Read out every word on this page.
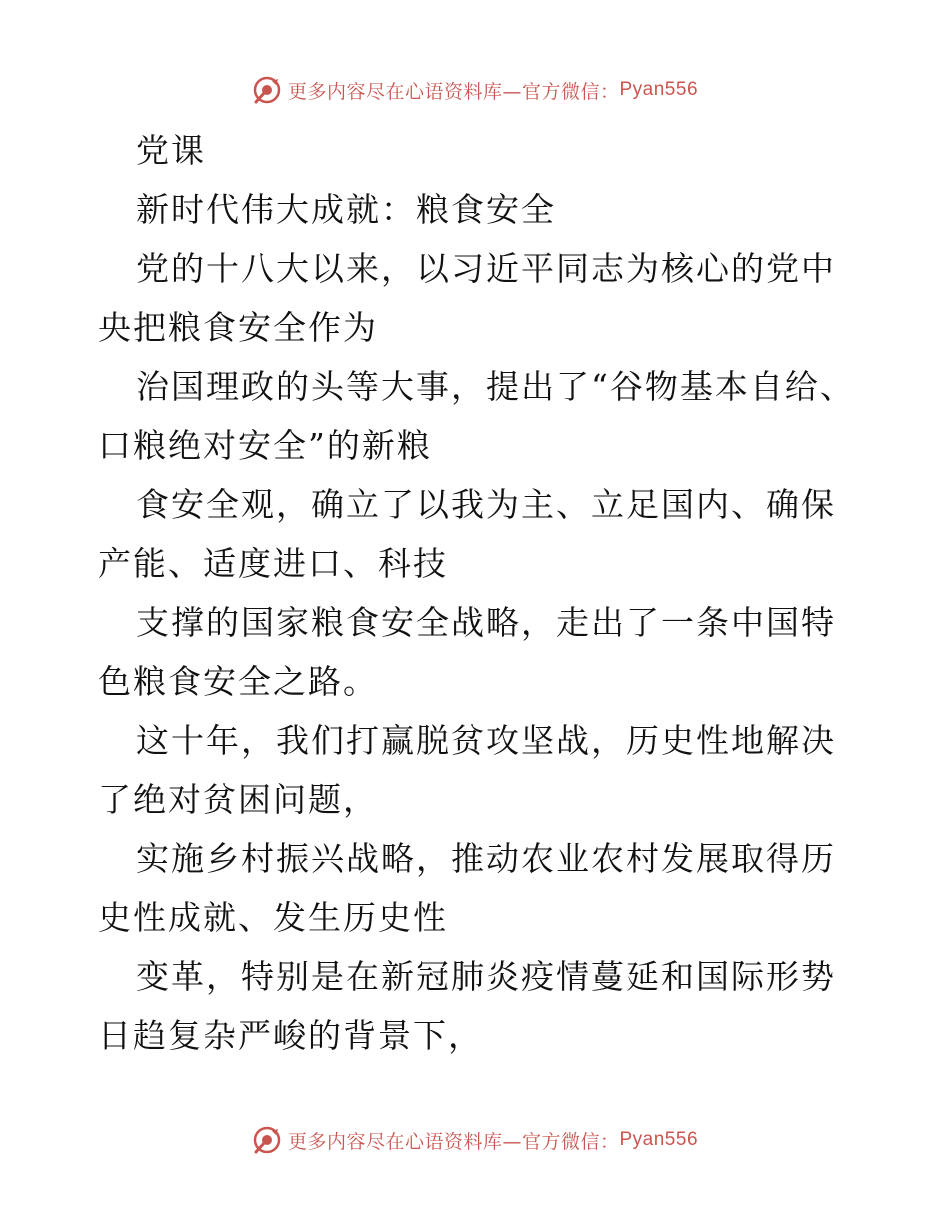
更多内容尽在心语资料库—官方微信： Pyan556

党课

新时代伟大成就：粮食安全

党的十八大以来，以习近平同志为核心的党中央把粮食安全作为

治国理政的头等大事，提出了“谷物基本自给、口粮绝对安全”的新粮

食安全观，确立了以我为主、立足国内、确保产能、适度进口、科技

支撑的国家粮食安全战略，走出了一条中国特色粮食安全之路。

这十年，我们打赢脱贫攻坚战，历史性地解决了绝对贫困问题，

实施乡村振兴战略，推动农业农村发展取得历史性成就、发生历史性

变革，特别是在新冠肺炎疫情蔓延和国际形势日趋复杂严峻的背景下，

更多内容尽在心语资料库—官方微信： Pyan556
